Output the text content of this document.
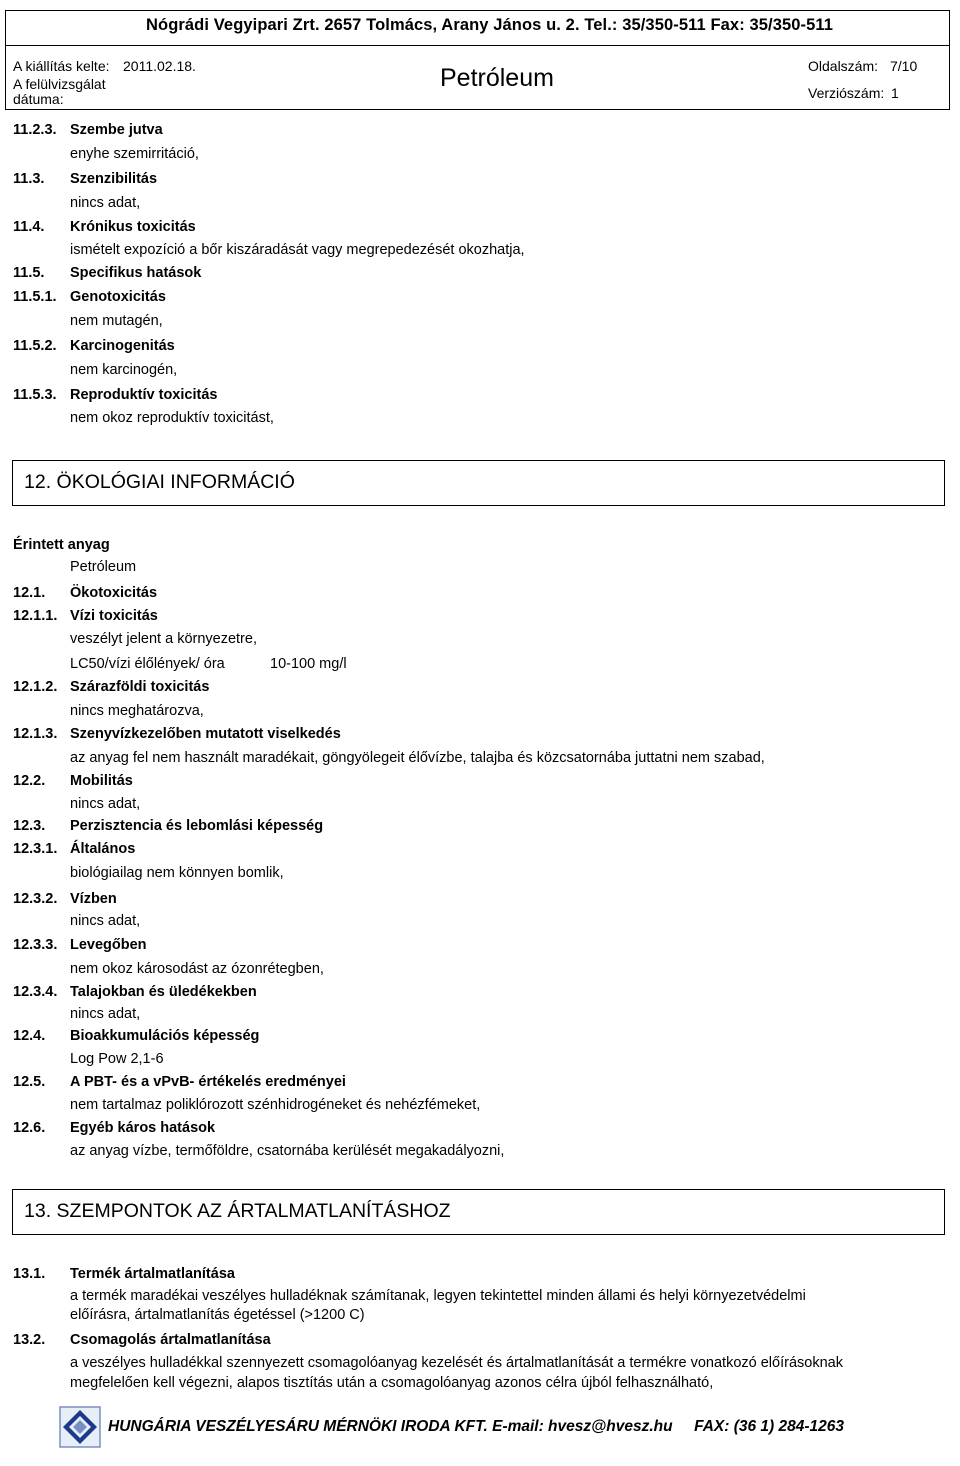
Nógrádi Vegyipari Zrt. 2657 Tolmács, Arany János u. 2. Tel.: 35/350-511 Fax: 35/350-511
A kiállítás kelte: 2011.02.18.
A felülvizsgálat
dátuma:
Petróleum	Oldalszám: 7/10
Verziószám: 1
11.2.3. Szembe jutva
enyhe szemirritáció,
11.3. Szenzibilitás
nincs adat,
11.4. Krónikus toxicitás
ismételt expozíció a bőr kiszáradását vagy megrepedezését okozhatja,
11.5. Specifikus hatások
11.5.1. Genotoxicitás
nem mutagén,
11.5.2. Karcinogenitás
nem karcinogén,
11.5.3. Reproduktív toxicitás
nem okoz reproduktív toxicitást,
12. ÖKOLÓGIAI INFORMÁCIÓ
Érintett anyag
Petróleum
12.1. Ökotoxicitás
12.1.1. Vízi toxicitás
veszélyt jelent a környezetre,
LC50/vízi élőlények/ óra	10-100 mg/l
12.1.2. Szárazföldi toxicitás
nincs meghatározva,
12.1.3. Szenyvízkezelőben mutatott viselkedés
az anyag fel nem használt maradékait, göngyölegeit élővízbe, talajba és közcsatornába juttatni nem szabad,
12.2. Mobilitás
nincs adat,
12.3. Perzisztencia és lebomlási képesség
12.3.1. Általános
biológiailag nem könnyen bomlik,
12.3.2. Vízben
nincs adat,
12.3.3. Levegőben
nem okoz károsodást az ózonrétegben,
12.3.4. Talajokban és üledékekben
nincs adat,
12.4. Bioakkumulációs képesség
Log Pow 2,1-6
12.5. A PBT- és a vPvB- értékelés eredményei
nem tartalmaz poliklórozott szénhidrogéneket és nehézfémeket,
12.6. Egyéb káros hatások
az anyag vízbe, termőföldre, csatornába kerülését megakadályozni,
13. SZEMPONTOK AZ ÁRTALMATLANÍTÁSHOZ
13.1. Termék ártalmatlanítása
a termék maradékai veszélyes hulladéknak számítanak, legyen tekintettel minden állami és helyi környezetvédelmi
előírásra, ártalmatlanítás égetéssel (>1200 C)
13.2. Csomagolás ártalmatlanítása
a veszélyes hulladékkal szennyezett csomagolóanyag kezelését és ártalmatlanítását a termékre vonatkozó előírásoknak
megfelelően kell végezni, alapos tisztítás után a csomagolóanyag azonos célra újból felhasználható,
HUNGÁRIA VESZÉLYESÁRU MÉRNÖKI IRODA KFT. E-mail: hvesz@hvesz.hu     FAX: (36 1) 284-1263
